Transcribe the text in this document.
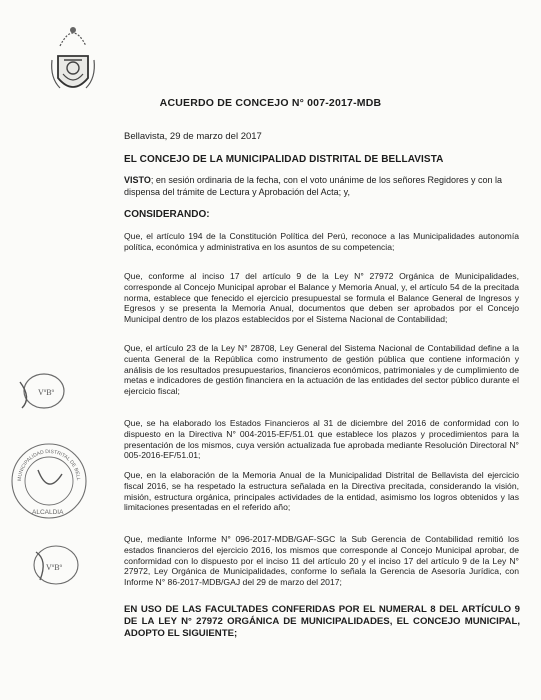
ACUERDO DE CONCEJO N° 007-2017-MDB
Bellavista, 29 de marzo del 2017
EL CONCEJO DE LA MUNICIPALIDAD DISTRITAL DE BELLAVISTA
VISTO; en sesión ordinaria de la fecha, con el voto unánime de los señores Regidores y con la dispensa del trámite de Lectura y Aprobación del Acta; y,
CONSIDERANDO:

Que, el artículo 194 de la Constitución Política del Perú, reconoce a las Municipalidades autonomía política, económica y administrativa en los asuntos de su competencia;

Que, conforme al inciso 17 del artículo 9 de la Ley N° 27972 Orgánica de Municipalidades, corresponde al Concejo Municipal aprobar el Balance y Memoria Anual, y, el artículo 54 de la precitada norma, establece que fenecido el ejercicio presupuestal se formula el Balance General de Ingresos y Egresos y se presenta la Memoria Anual, documentos que deben ser aprobados por el Concejo Municipal dentro de los plazos establecidos por el Sistema Nacional de Contabilidad;

Que, el artículo 23 de la Ley N° 28708, Ley General del Sistema Nacional de Contabilidad define a la cuenta General de la República como instrumento de gestión pública que contiene información y análisis de los resultados presupuestarios, financieros económicos, patrimoniales y de cumplimiento de metas e indicadores de gestión financiera en la actuación de las entidades del sector público durante el ejercicio fiscal;

Que, se ha elaborado los Estados Financieros al 31 de diciembre del 2016 de conformidad con lo dispuesto en la Directiva N° 004-2015-EF/51.01 que establece los plazos y procedimientos para la presentación de los mismos, cuya versión actualizada fue aprobada mediante Resolución Directoral N° 005-2016-EF/51.01;

Que, en la elaboración de la Memoria Anual de la Municipalidad Distrital de Bellavista del ejercicio fiscal 2016, se ha respetado la estructura señalada en la Directiva precitada, considerando la visión, misión, estructura orgánica, principales actividades de la entidad, asimismo los logros obtenidos y las limitaciones presentadas en el referido año;

Que, mediante Informe N° 096-2017-MDB/GAF-SGC la Sub Gerencia de Contabilidad remitió los estados financieros del ejercicio 2016, los mismos que corresponde al Concejo Municipal aprobar, de conformidad con lo dispuesto por el inciso 11 del artículo 20 y el inciso 17 del artículo 9 de la Ley N° 27972, Ley Orgánica de Municipalidades, conforme lo señala la Gerencia de Asesoría Jurídica, con Informe N° 86-2017-MDB/GAJ del 29 de marzo del 2017;

EN USO DE LAS FACULTADES CONFERIDAS POR EL NUMERAL 8 DEL ARTÍCULO 9 DE LA LEY N° 27972 ORGÁNICA DE MUNICIPALIDADES, EL CONCEJO MUNICIPAL, ADOPTO EL SIGUIENTE;

VºBº
MUNICIPALIDAD DISTRITAL DE BELL
ALCALDIA
VºBº
